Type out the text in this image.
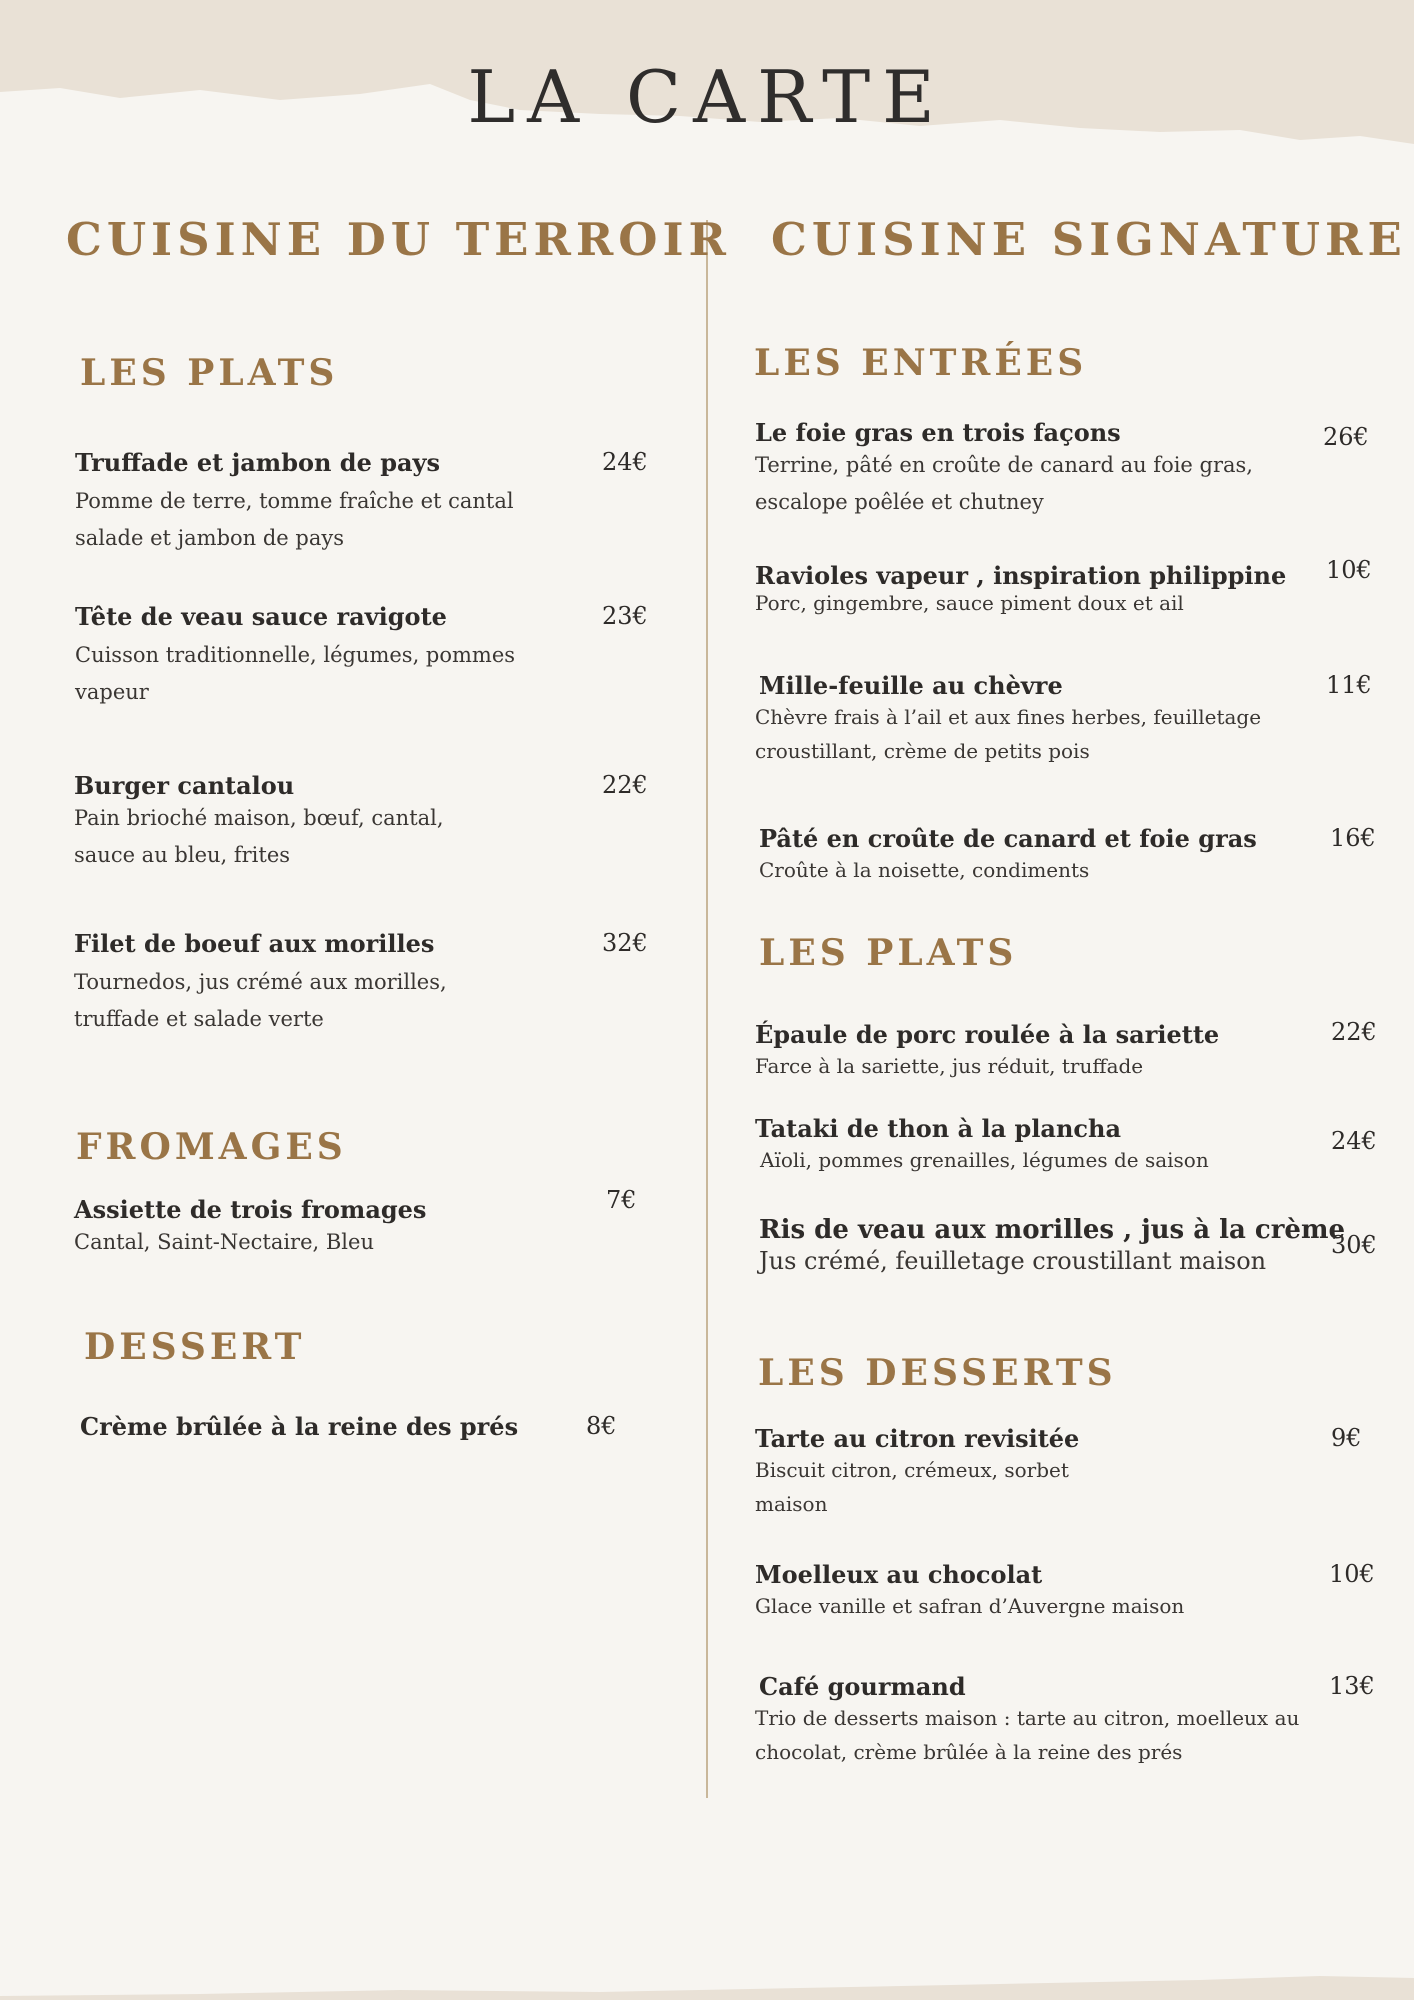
LA CARTE
CUISINE DU TERROIR
LES PLATS
Truffade et jambon de pays
Pomme de terre, tomme fraîche et cantal salade et jambon de pays
24€
Tête de veau sauce ravigote
Cuisson traditionnelle, légumes, pommes vapeur
23€
Burger cantalou
Pain brioché maison, bœuf, cantal, sauce au bleu, frites
22€
Filet de boeuf aux morilles
Tournedos, jus crémé aux morilles, truffade et salade verte
32€
FROMAGES
Assiette de trois fromages
Cantal, Saint-Nectaire, Bleu
7€
DESSERT
Crème brûlée à la reine des prés	8€
CUISINE SIGNATURE
LES ENTRÉES
Le foie gras en trois façons
Terrine, pâté en croûte de canard au foie gras, escalope poêlée et chutney
26€
Ravioles vapeur , inspiration philippine
Porc, gingembre, sauce piment doux et ail
10€
Mille-feuille au chèvre
Chèvre frais à l’ail et aux fines herbes, feuilletage croustillant, crème de petits pois
11€
Pâté en croûte de canard et foie gras
Croûte à la noisette, condiments
16€
LES PLATS
Épaule de porc roulée à la sariette
Farce à la sariette, jus réduit, truffade
22€
Tataki de thon à la plancha
Aïoli, pommes grenailles, légumes de saison
24€
Ris de veau aux morilles , jus à la crème
Jus crémé, feuilletage croustillant maison
30€
LES DESSERTS
Tarte au citron revisitée
Biscuit citron, crémeux, sorbet maison
9€
Moelleux au chocolat
Glace vanille et safran d’Auvergne maison
10€
Café gourmand
Trio de desserts maison : tarte au citron, moelleux au chocolat, crème brûlée à la reine des prés
13€
